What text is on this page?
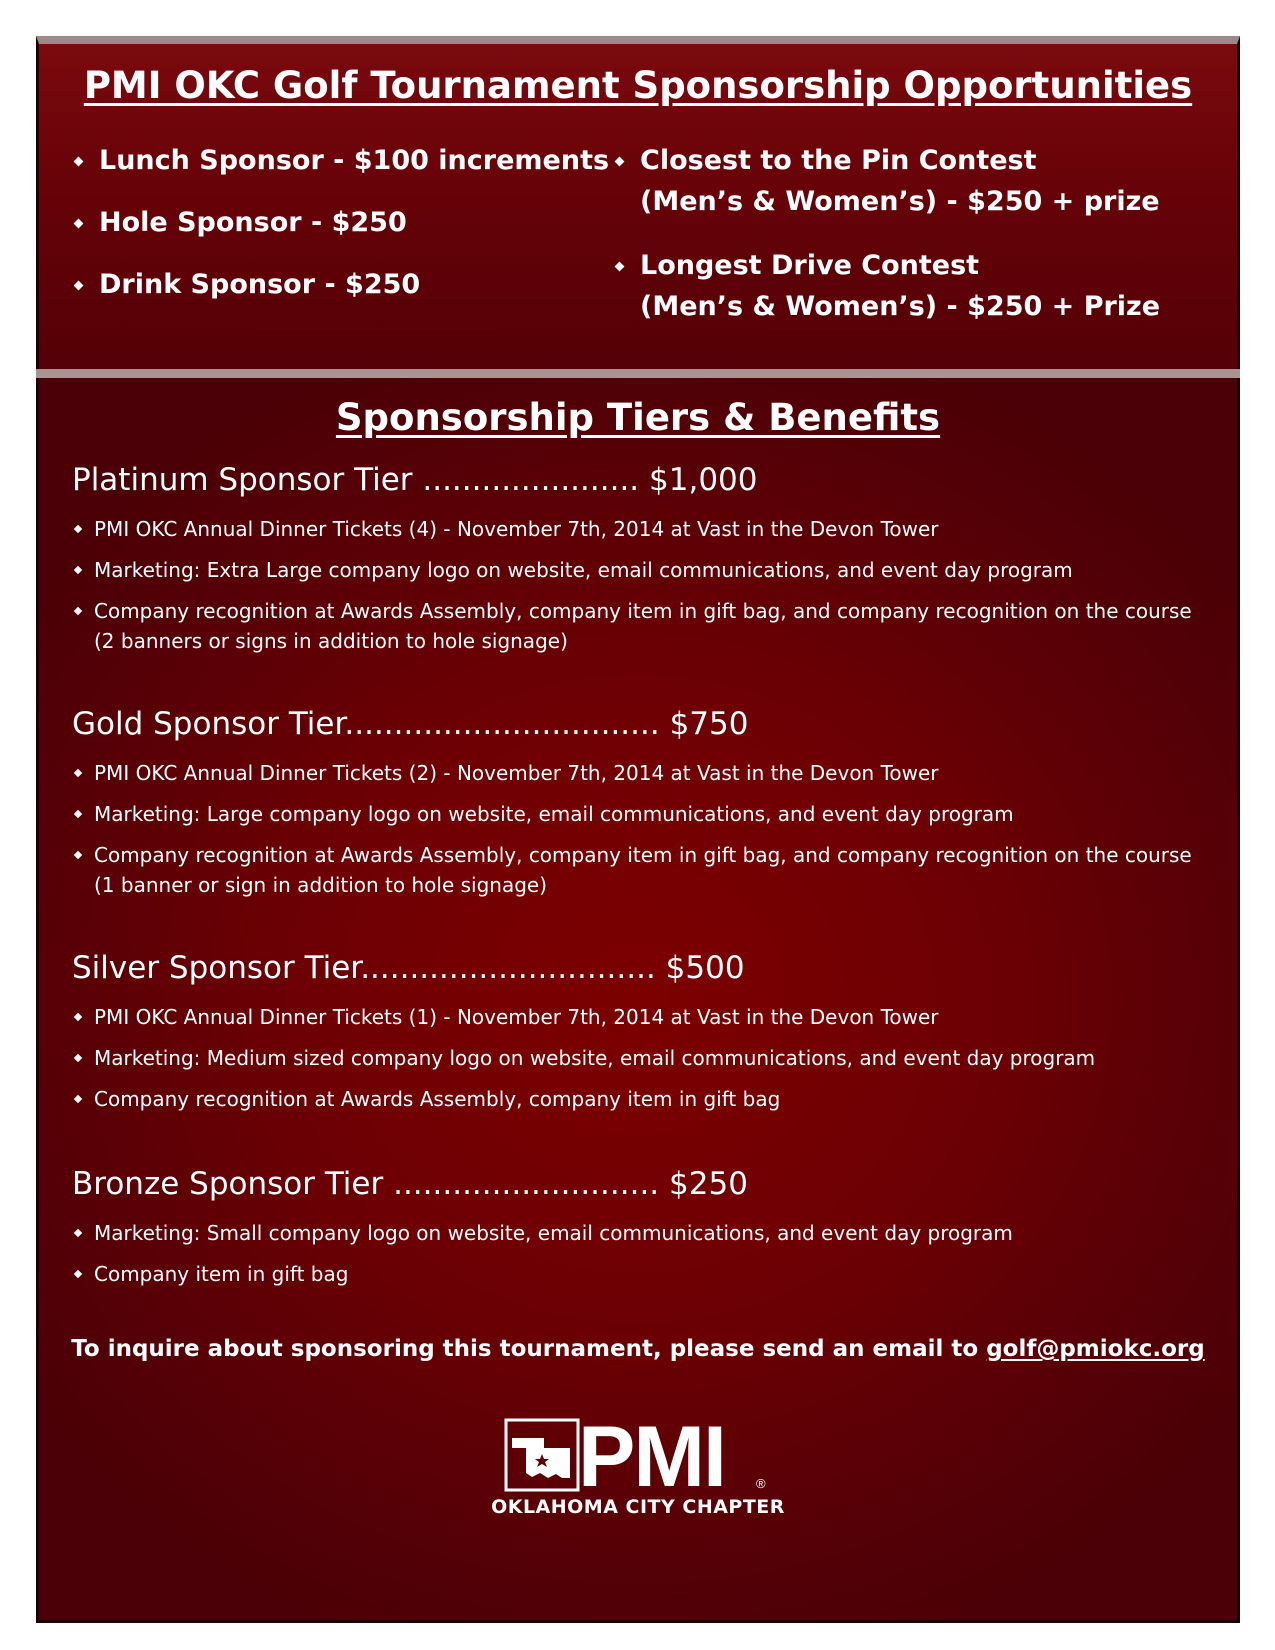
PMI OKC Golf Tournament Sponsorship Opportunities
Lunch Sponsor - $100 increments
Hole Sponsor - $250
Drink Sponsor - $250
Closest to the Pin Contest
(Men’s & Women’s) - $250 + prize
Longest Drive Contest
(Men’s & Women’s) - $250 + Prize
Sponsorship Tiers & Benefits

Platinum Sponsor Tier ...................... $1,000

PMI OKC Annual Dinner Tickets (4) - November 7th, 2014 at Vast in the Devon Tower
Marketing: Extra Large company logo on website, email communications, and event day program
Company recognition at Awards Assembly, company item in gift bag, and company recognition on the course (2 banners or signs in addition to hole signage)

Gold Sponsor Tier................................ $750

PMI OKC Annual Dinner Tickets (2) - November 7th, 2014 at Vast in the Devon Tower
Marketing: Large company logo on website, email communications, and event day program
Company recognition at Awards Assembly, company item in gift bag, and company recognition on the course (1 banner or sign in addition to hole signage)

Silver Sponsor Tier.............................. $500

PMI OKC Annual Dinner Tickets (1) - November 7th, 2014 at Vast in the Devon Tower
Marketing: Medium sized company logo on website, email communications, and event day program
Company recognition at Awards Assembly, company item in gift bag

Bronze Sponsor Tier ........................... $250

Marketing: Small company logo on website, email communications, and event day program
Company item in gift bag
To inquire about sponsoring this tournament, please send an email to golf@pmiokc.org
PMI ®
OKLAHOMA CITY CHAPTER
